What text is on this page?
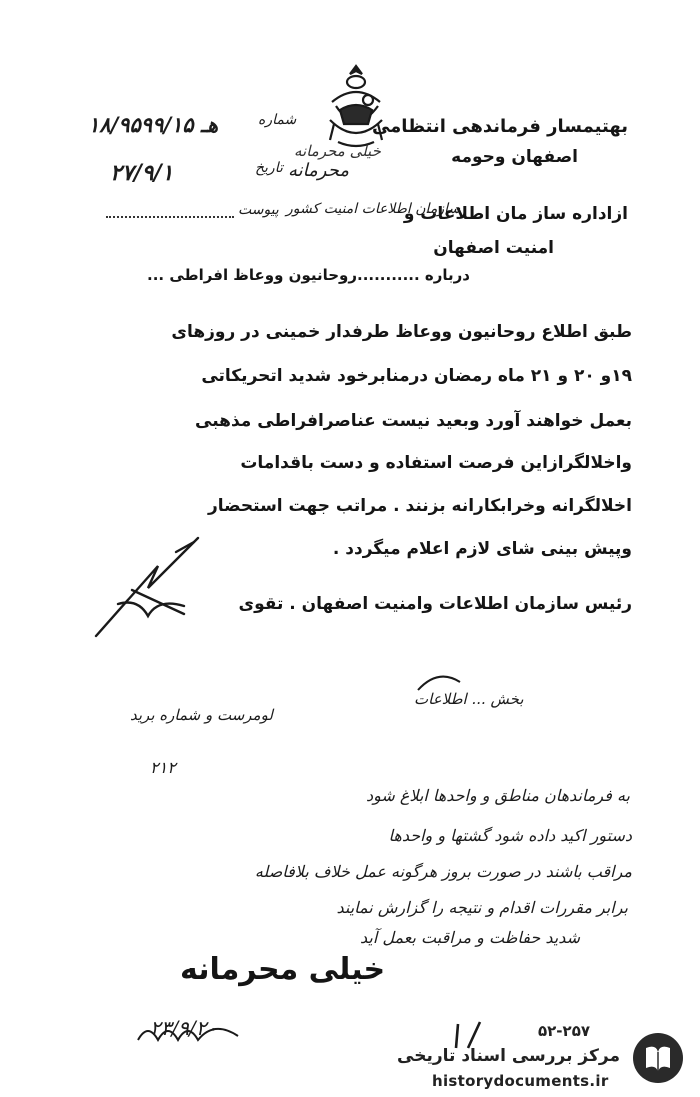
۱۸/۹۵۹۹/۱۵ هـ	شماره
۲۷/۹/۱	تاریخ محرمانه
خیلی محرمانه
بهتیمسار فرماندهی انتظامی
اصفهان وحومه
پیوست سازمان اطلاعات امنیت کشور
ازاداره ساز مان اطلاعات و
امنیت اصفهان
درباره ...........روحانیون ووعاظ افراطی ...
طبق اطلاع روحانیون ووعاظ طرفدار خمینی در روزهای
۱۹و ۲۰ و ۲۱ ماه رمضان درمنابرخود شدید اتحریکاتی
بعمل خواهند آورد وبعید نیست عناصرافراطی مذهبی
واخلالگرازاین فرصت استفاده و دست باقدامات
اخلالگرانه وخرابکارانه بزنند . مراتب جهت استحضار
وپیش بینی شای لازم اعلام میگردد .
رئیس سازمان اطلاعات وامنیت اصفهان . تقوی
بخش ... اطلاعات
لومرست و شماره برید
۲۱۲
به فرماندهان مناطق و واحدها ابلاغ شود
دستور اکید داده شود گشتها و واحدها
مراقب باشند در صورت بروز هرگونه عمل خلاف بلافاصله
برابر مقررات اقدام و نتیجه را گزارش نمایند
شدید حفاظت و مراقبت بعمل آید
خیلی محرمانه
۲۳/۹/۲۰	۵۲-۲۵۷
مرکز بررسی اسناد تاریخی
historydocuments.ir
